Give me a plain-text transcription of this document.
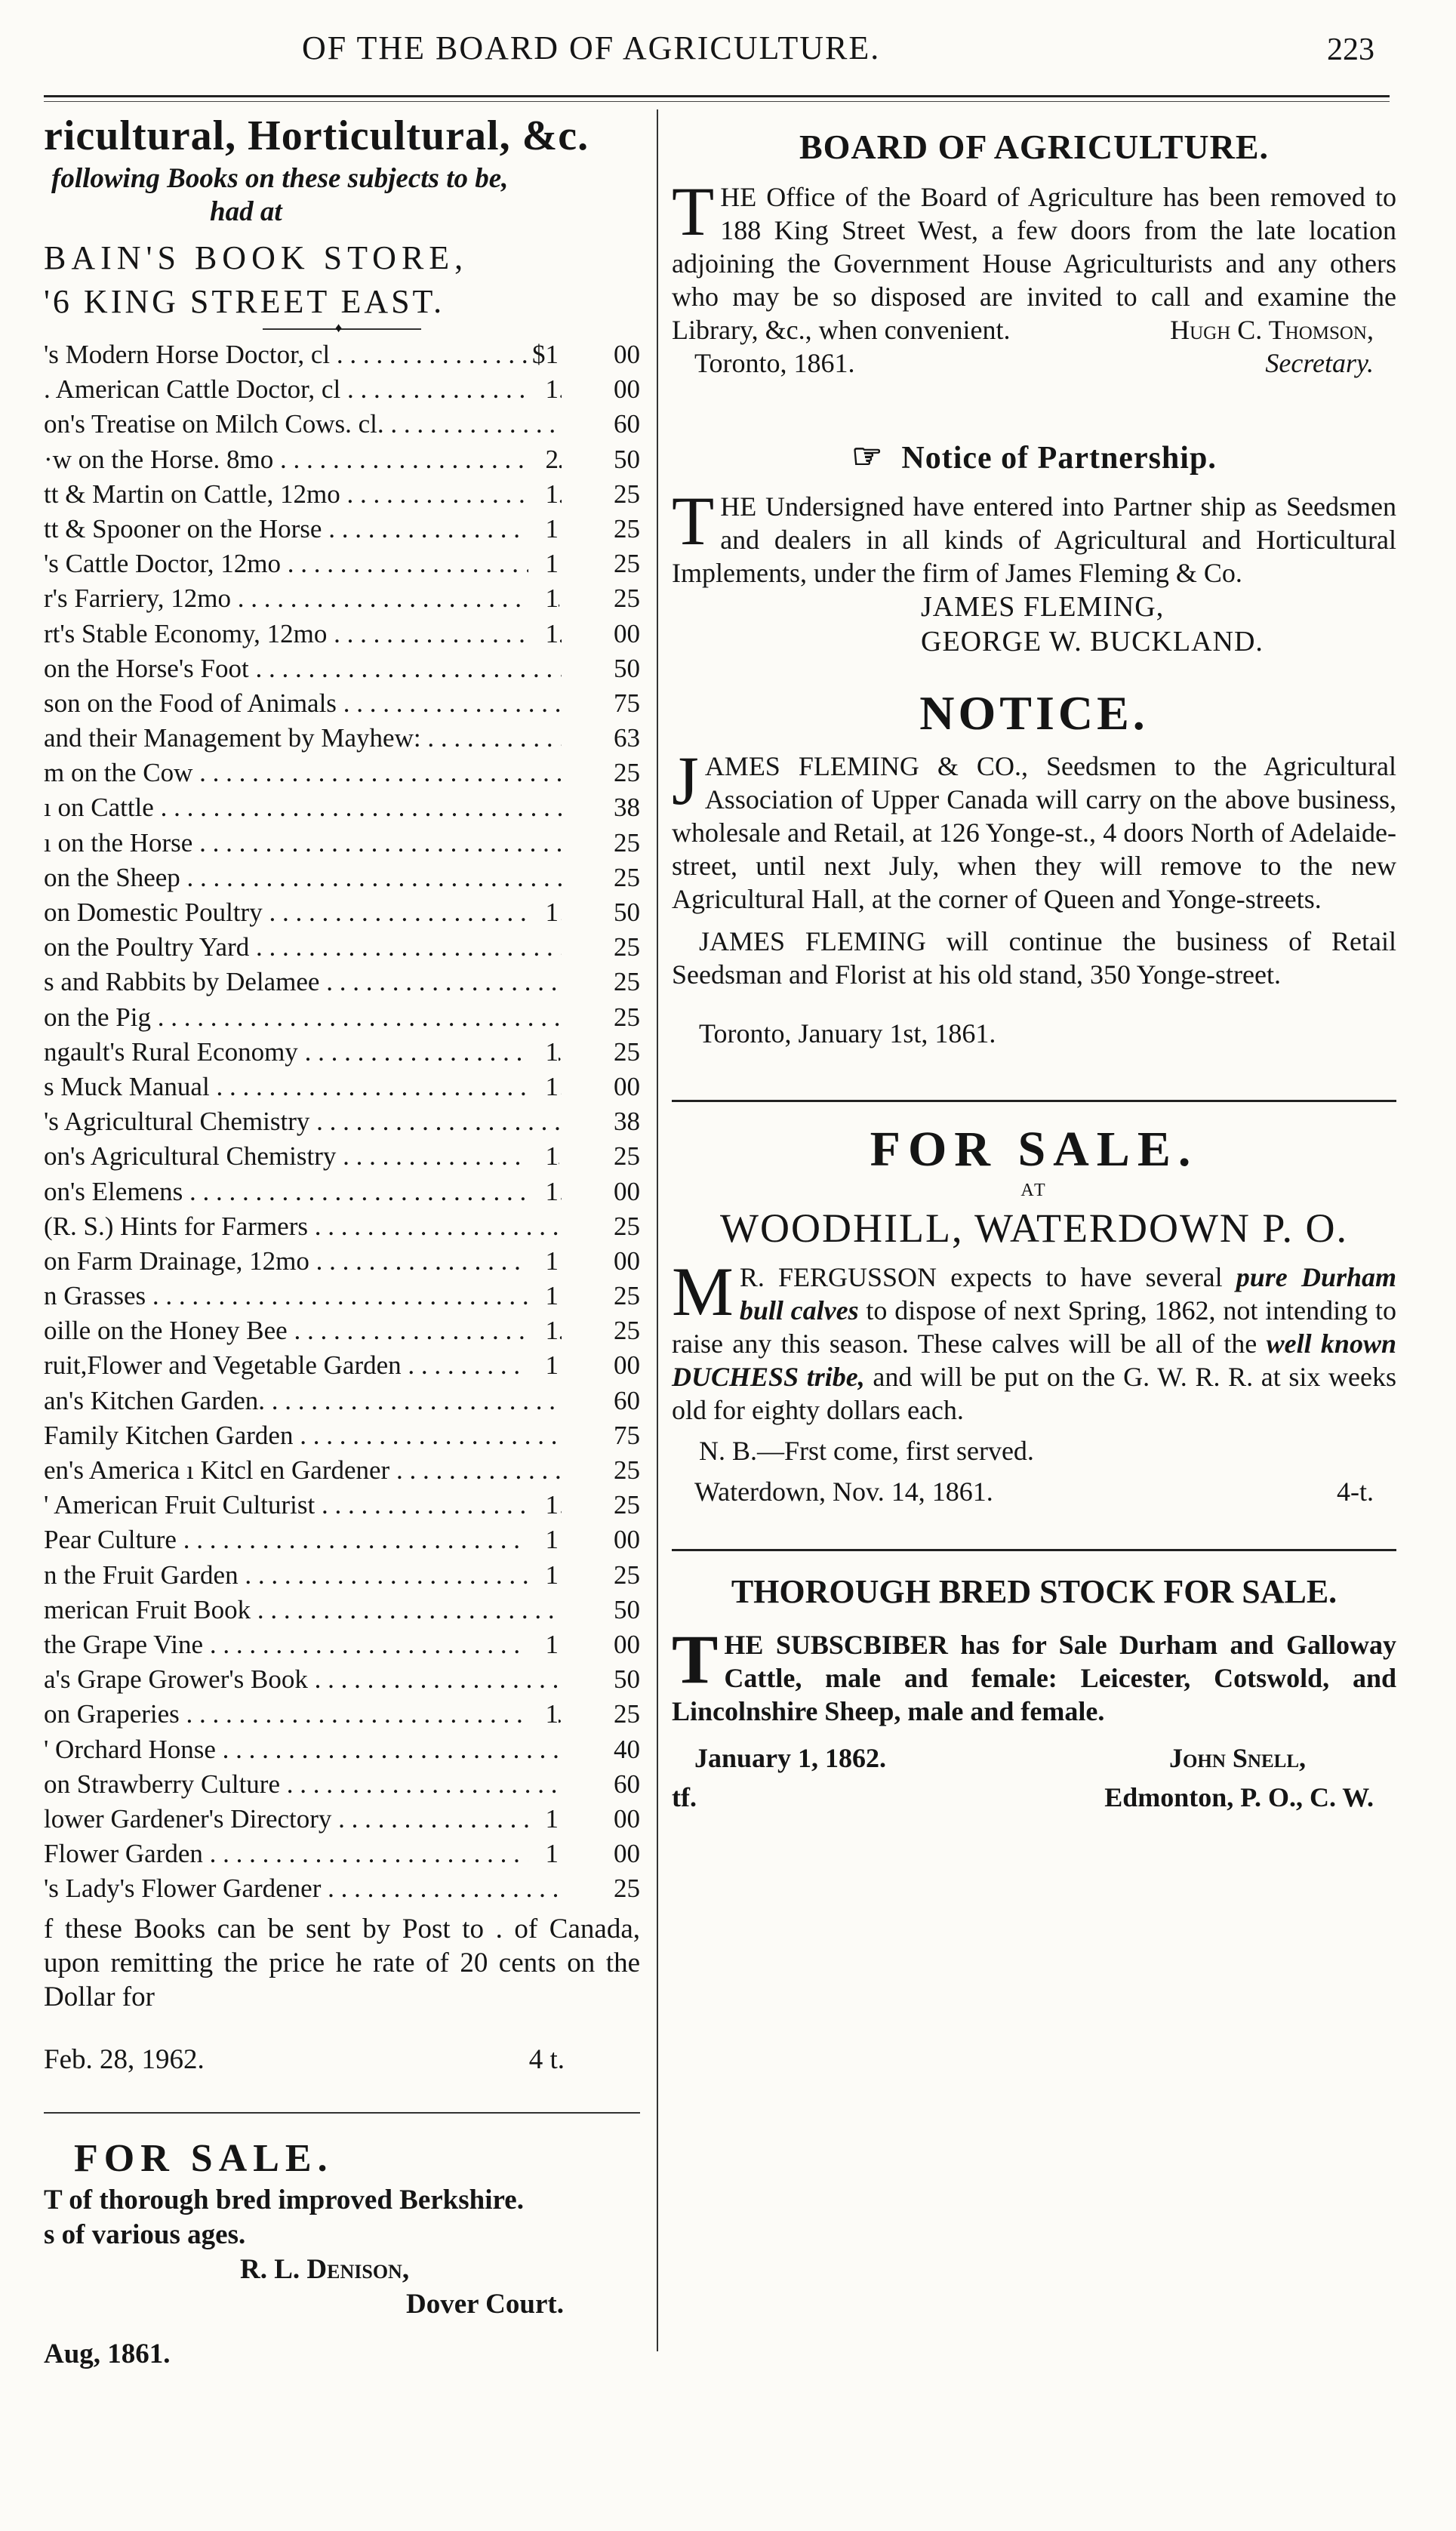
OF THE BOARD OF AGRICULTURE.	223
ricultural, Horticultural, &c.
following Books on these subjects to be,
had at
BAIN'S BOOK STORE,
'6 KING STREET EAST.
♦
's Modern Horse Doctor, cl . . .	$1	00
. American Cattle Doctor, cl . . .	1	00
on's Treatise on Milch Cows. cl. . . .	60
·w on the Horse. 8mo . . .	2	50
tt & Martin on Cattle, 12mo . . .	1	25
tt & Spooner on the Horse . . .	1	25
's Cattle Doctor, 12mo . . .	1	25
r's Farriery, 12mo . . .	1	25
rt's Stable Economy, 12mo . . .	1	00
on the Horse's Foot . . .	50
son on the Food of Animals . . .	75
and their Management by Mayhew: . . .	63
m on the Cow . . .	25
ı on Cattle . . .	38
ı on the Horse . . .	25
on the Sheep . . .	25
on Domestic Poultry . . .	1	50
on the Poultry Yard . . .	25
s and Rabbits by Delamee . . .	25
on the Pig . . .	25
ngault's Rural Economy . . .	1	25
s Muck Manual . . .	1	00
's Agricultural Chemistry . . .	38
on's Agricultural Chemistry . . .	1	25
on's Elemens . . .	1	00
(R. S.) Hints for Farmers . . .	25
on Farm Drainage, 12mo . . .	1	00
n Grasses . . .	1	25
oille on the Honey Bee . . .	1	25
ruit,Flower and Vegetable Garden . . .	1	00
an's Kitchen Garden. . . .	60
Family Kitchen Garden . . .	75
en's America ı Kitcl en Gardener . . .	25
' American Fruit Culturist . . .	1	25
Pear Culture . . .	1	00
n the Fruit Garden . . .	1	25
merican Fruit Book . . .	50
the Grape Vine . . .	1	00
a's Grape Grower's Book . . .	50
on Graperies . . .	1	25
' Orchard Honse . . .	40
on Strawberry Culture . . .	60
lower Gardener's Directory . . .	1	00
Flower Garden . . .	1	00
's Lady's Flower Gardener . . .	25
f these Books can be sent by Post to . of Canada, upon remitting the price he rate of 20 cents on the Dollar for
Feb. 28, 1962.	4 t.
FOR SALE.
T of thorough bred improved Berkshire.
s of various ages.
R. L. Denison,
Dover Court.
Aug, 1861.
BOARD OF AGRICULTURE.
THE Office of the Board of Agriculture has been removed to 188 King Street West, a few doors from the late location adjoining the Government House Agriculturists and any others who may be so disposed are invited to call and examine the Library, &c., when convenient.	Hugh C. Thomson,
Toronto, 1861.	Secretary.
☞ Notice of Partnership.
THE Undersigned have entered into Partner ship as Seedsmen and dealers in all kinds of Agricultural and Horticultural Implements, under the firm of James Fleming & Co.
JAMES FLEMING,
GEORGE W. BUCKLAND.
NOTICE.
JAMES FLEMING & CO., Seedsmen to the Agricultural Association of Upper Canada will carry on the above business, wholesale and Retail, at 126 Yonge-st., 4 doors North of Adelaide-street, until next July, when they will remove to the new Agricultural Hall, at the corner of Queen and Yonge-streets.
JAMES FLEMING will continue the business of Retail Seedsman and Florist at his old stand, 350 Yonge-street.
Toronto, January 1st, 1861.
FOR SALE.
AT
WOODHILL, WATERDOWN P. O.
M R. FERGUSSON expects to have several pure Durham bull calves to dispose of next Spring, 1862, not intending to raise any this season. These calves will be all of the well known DUCHESS tribe, and will be put on the G. W. R. R. at six weeks old for eighty dollars each.
N. B.—Frst come, first served.
Waterdown, Nov. 14, 1861.	4-t.
THOROUGH BRED STOCK FOR SALE.
THE SUBSCBIBER has for Sale Durham and Galloway Cattle, male and female: Leicester, Cotswold, and Lincolnshire Sheep, male and female.
January 1, 1862.	John Snell,
tf.	Edmonton, P. O., C. W.
